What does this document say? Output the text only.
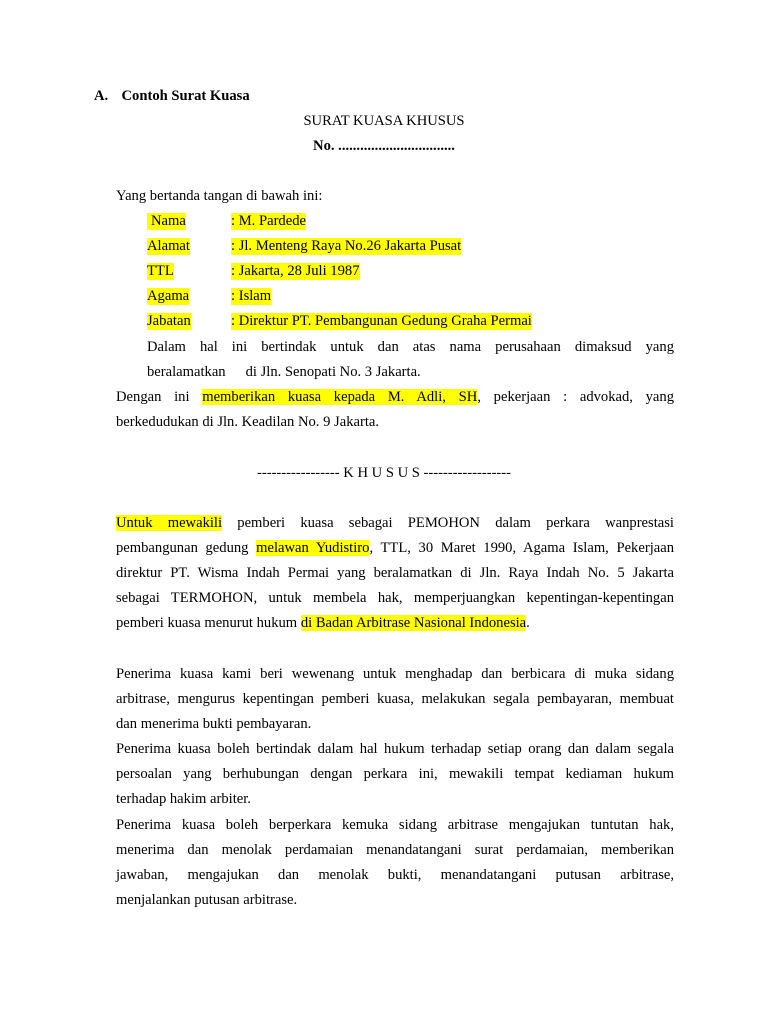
A. Contoh Surat Kuasa
SURAT KUASA KHUSUS
No. ................................
Yang bertanda tangan di bawah ini:
Nama	: M. Pardede
Alamat	: Jl. Menteng Raya No.26 Jakarta Pusat
TTL	: Jakarta, 28 Juli 1987
Agama	: Islam
Jabatan	: Direktur PT. Pembangunan Gedung Graha Permai
Dalam hal ini bertindak untuk dan atas nama perusahaan dimaksud yang
beralamatkan di Jln. Senopati No. 3 Jakarta.
Dengan ini memberikan kuasa kepada M. Adli, SH, pekerjaan : advokad, yang
berkedudukan di Jln. Keadilan No. 9 Jakarta.
----------------- K H U S U S ------------------
Untuk mewakili pemberi kuasa sebagai PEMOHON dalam perkara wanprestasi
pembangunan gedung melawan Yudistiro, TTL, 30 Maret 1990, Agama Islam, Pekerjaan
direktur PT. Wisma Indah Permai yang beralamatkan di Jln. Raya Indah No. 5 Jakarta
sebagai TERMOHON, untuk membela hak, memperjuangkan kepentingan-kepentingan
pemberi kuasa menurut hukum di Badan Arbitrase Nasional Indonesia.
Penerima kuasa kami beri wewenang untuk menghadap dan berbicara di muka sidang
arbitrase, mengurus kepentingan pemberi kuasa, melakukan segala pembayaran, membuat
dan menerima bukti pembayaran.
Penerima kuasa boleh bertindak dalam hal hukum terhadap setiap orang dan dalam segala
persoalan yang berhubungan dengan perkara ini, mewakili tempat kediaman hukum
terhadap hakim arbiter.
Penerima kuasa boleh berperkara kemuka sidang arbitrase mengajukan tuntutan hak,
menerima dan menolak perdamaian menandatangani surat perdamaian, memberikan
jawaban, mengajukan dan menolak bukti, menandatangani putusan arbitrase,
menjalankan putusan arbitrase.
